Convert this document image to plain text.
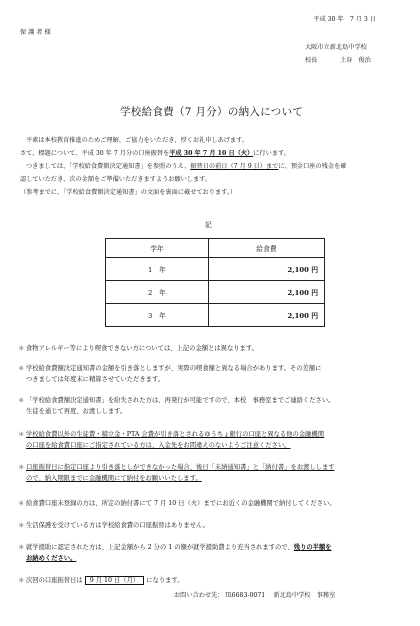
平成 30 年　7 月 3 日
保 護 者 様
大阪市立新北島中学校
校長	土谷　俊治
学校給食費（7 月分）の納入について
平素は本校教育推進のためご理解、ご協力をいただき、厚くお礼申しあげます。
さて、標題について、平成 30 年 7 月分の口座振替を平成 30 年 7 月 10 日（火）に行います。
つきましては、「学校給食費額決定通知書」を参照のうえ、振替日の前日（7 月 9 日）までに、預金口座の残金を確
認していただき、次の金額をご準備いただきますようお願いします。
（参考までに、「学校給食費額決定通知書」の文面を裏面に載せております。）
記
学年	給食費
1　年	2,100 円
2　年	2,100 円
3　年	2,100 円
＊ 食物アレルギー等により喫食できない方については、上記の金額とは異なります。
＊ 学校給食費額決定通知書の金額を引き落としますが、実際の喫食額と異なる場合があります。その差額に
つきましては年度末に精算させていただきます。
＊ 「学校給食費額決定通知書」を紛失された方は、再発行が可能ですので、本校　事務室までご連絡ください。
生徒を通じて再度、お渡しします。
＊ 学校給食費以外の生徒費・積立金・PTA 会費が引き落とされるゆうちょ銀行の口座と異なる他の金融機関
の口座を給食費口座にご指定されている方は、入金先をお間違えのないようご注意ください。
＊ 口座振替日に指定口座より引き落としができなかった場合、後日「未納通知書」と「納付書」をお渡しします
ので、納入期限までに金融機関にて納付をお願いいたします。
＊ 給食費口座未登録の方は、所定の納付書にて 7 月 10 日（火）までにお近くの金融機関で納付してください。
＊ 生活保護を受けている方は学校給食費の口座振替はありません。
＊ 就学援助に認定された方は、上記金額から 2 分の 1 の額が就学援助費より充当されますので、残りの半額を
お納めください。
＊ 次回の口座振替日は 9 月 10 日（月） になります。
お問い合わせ先： ℡6683-0071　 新北島中学校　事務室
